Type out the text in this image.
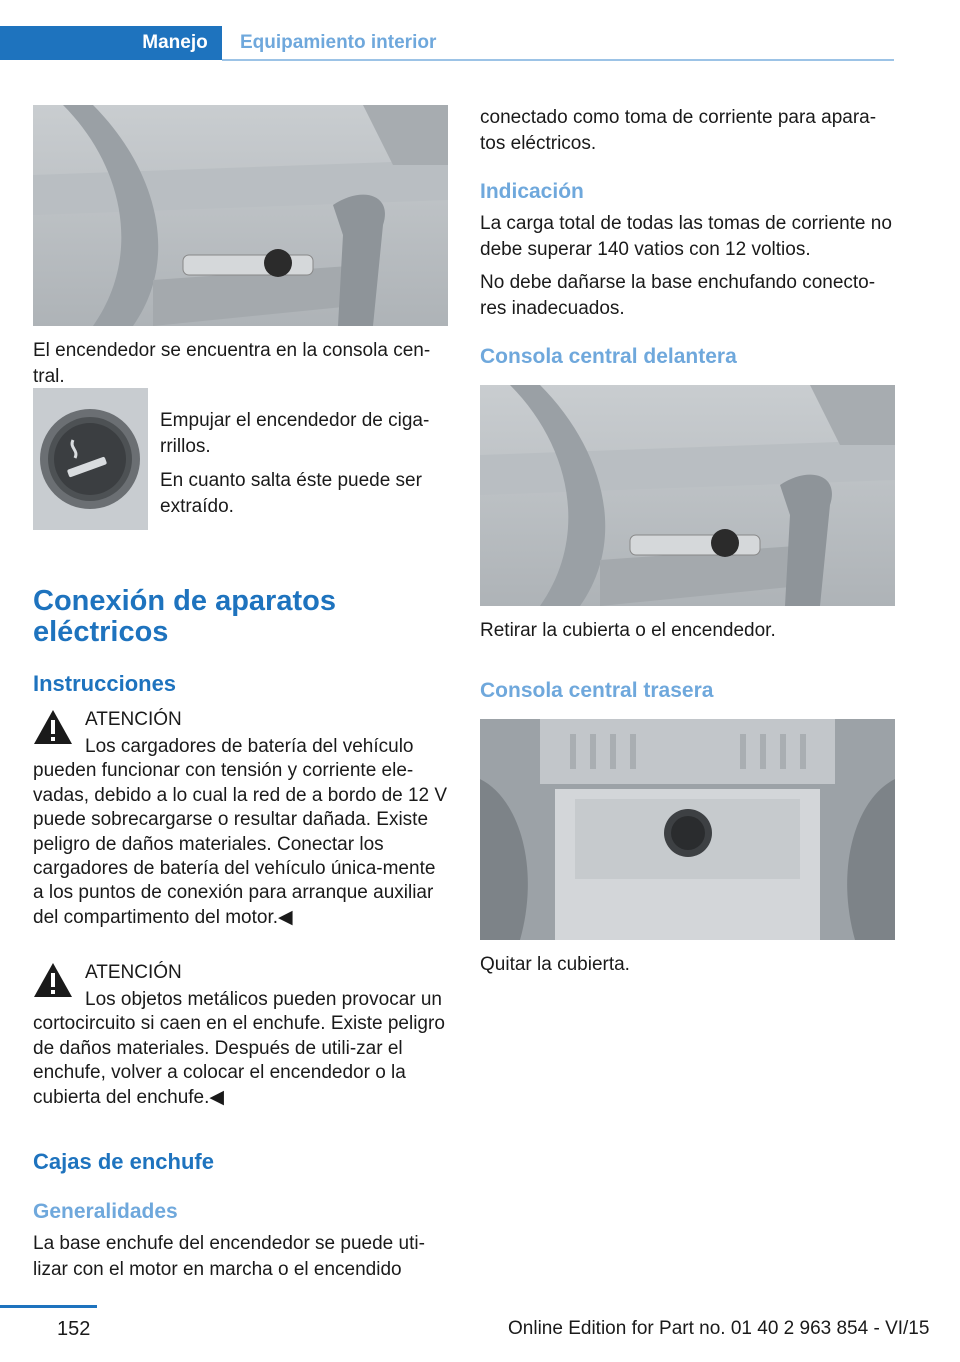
Manejo	Equipamiento interior

El encendedor se encuentra en la consola cen-tral.

Empujar el encendedor de ciga-rrillos.

En cuanto salta éste puede ser extraído.

Conexión de aparatos
eléctricos
Instrucciones
ATENCIÓN

Los cargadores de batería del vehículo pueden funcionar con tensión y corriente ele-vadas, debido a lo cual la red de a bordo de 12 V puede sobrecargarse o resultar dañada. Existe peligro de daños materiales. Conectar los cargadores de batería del vehículo única-mente a los puntos de conexión para arranque auxiliar del compartimento del motor.◀

ATENCIÓN

Los objetos metálicos pueden provocar un cortocircuito si caen en el enchufe. Existe peligro de daños materiales. Después de utili-zar el enchufe, volver a colocar el encendedor o la cubierta del enchufe.◀

Cajas de enchufe
Generalidades

La base enchufe del encendedor se puede uti-lizar con el motor en marcha o el encendido

conectado como toma de corriente para apara-tos eléctricos.

Indicación

La carga total de todas las tomas de corriente no debe superar 140 vatios con 12 voltios.

No debe dañarse la base enchufando conecto-res inadecuados.

Consola central delantera

Retirar la cubierta o el encendedor.

Consola central trasera

Quitar la cubierta.

152	Online Edition for Part no. 01 40 2 963 854 - VI/15
